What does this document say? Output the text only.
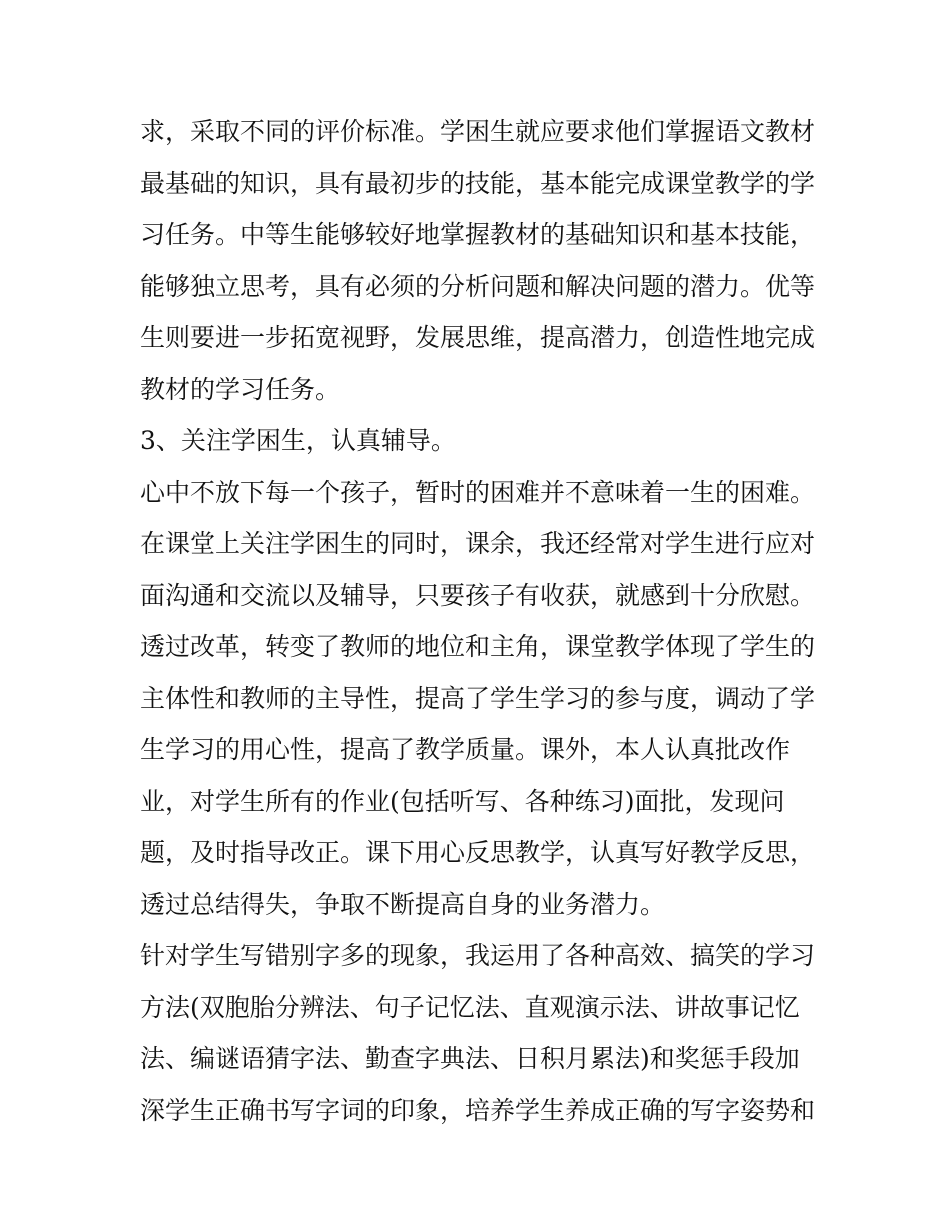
求，采取不同的评价标准。学困生就应要求他们掌握语文教材
最基础的知识，具有最初步的技能，基本能完成课堂教学的学
习任务。中等生能够较好地掌握教材的基础知识和基本技能，
能够独立思考，具有必须的分析问题和解决问题的潜力。优等
生则要进一步拓宽视野，发展思维，提高潜力，创造性地完成
教材的学习任务。
3、关注学困生，认真辅导。
心中不放下每一个孩子，暂时的困难并不意味着一生的困难。
在课堂上关注学困生的同时，课余，我还经常对学生进行应对
面沟通和交流以及辅导，只要孩子有收获，就感到十分欣慰。
透过改革，转变了教师的地位和主角，课堂教学体现了学生的
主体性和教师的主导性，提高了学生学习的参与度，调动了学
生学习的用心性，提高了教学质量。课外，本人认真批改作
业，对学生所有的作业(包括听写、各种练习)面批，发现问
题，及时指导改正。课下用心反思教学，认真写好教学反思，
透过总结得失，争取不断提高自身的业务潜力。
针对学生写错别字多的现象，我运用了各种高效、搞笑的学习
方法(双胞胎分辨法、句子记忆法、直观演示法、讲故事记忆
法、编谜语猜字法、勤查字典法、日积月累法)和奖惩手段加
深学生正确书写字词的印象，培养学生养成正确的写字姿势和
